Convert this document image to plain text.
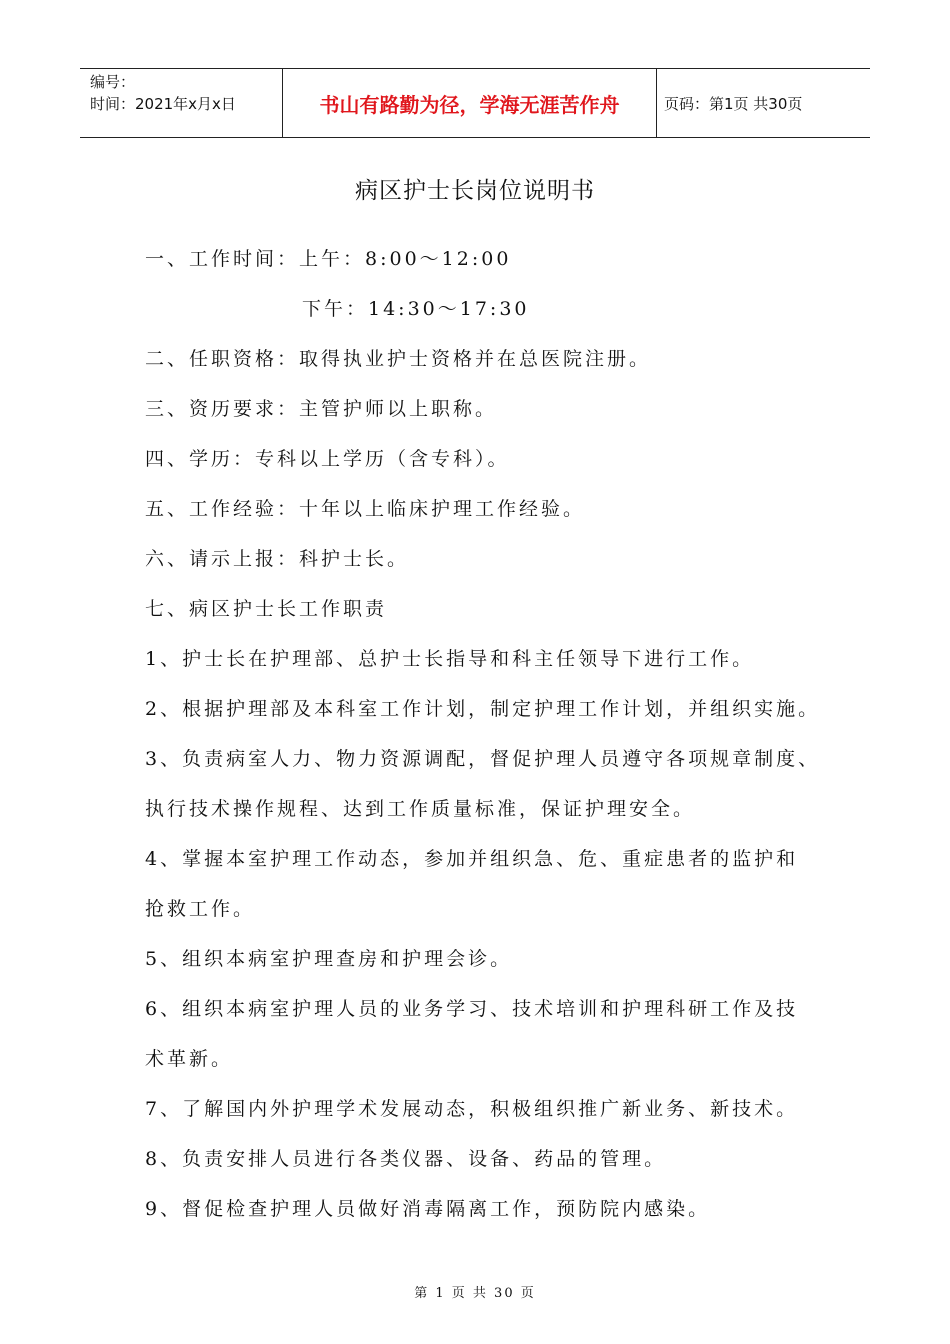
编号：
时间：2021年x月x日	书山有路勤为径，学海无涯苦作舟	页码：第1页 共30页
病区护士长岗位说明书
一、工作时间：上午：8:00～12:00
下午：14:30～17:30
二、任职资格：取得执业护士资格并在总医院注册。
三、资历要求：主管护师以上职称。
四、学历：专科以上学历（含专科）。
五、工作经验：十年以上临床护理工作经验。
六、请示上报：科护士长。
七、病区护士长工作职责
1、护士长在护理部、总护士长指导和科主任领导下进行工作。
2、根据护理部及本科室工作计划，制定护理工作计划，并组织实施。
3、负责病室人力、物力资源调配，督促护理人员遵守各项规章制度、
执行技术操作规程、达到工作质量标准，保证护理安全。
4、掌握本室护理工作动态，参加并组织急、危、重症患者的监护和
抢救工作。
5、组织本病室护理查房和护理会诊。
6、组织本病室护理人员的业务学习、技术培训和护理科研工作及技
术革新。
7、了解国内外护理学术发展动态，积极组织推广新业务、新技术。
8、负责安排人员进行各类仪器、设备、药品的管理。
9、督促检查护理人员做好消毒隔离工作，预防院内感染。
第 1 页 共 30 页
